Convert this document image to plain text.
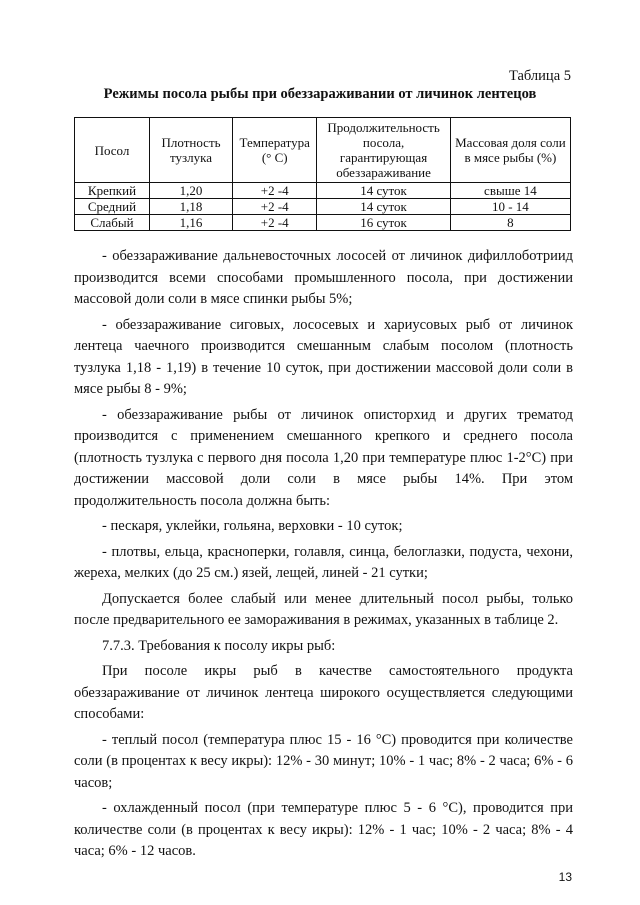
Таблица 5
Режимы посола рыбы при обеззараживании от личинок лентецов
Посол	Плотность тузлука	Температура (° С)	Продолжительность посола, гарантирующая обеззараживание	Массовая доля соли в мясе рыбы (%)
Крепкий	1,20	+2 -4	14 суток	свыше 14
Средний	1,18	+2 -4	14 суток	10 - 14
Слабый	1,16	+2 -4	16 суток	8

- обеззараживание дальневосточных лососей от личинок дифиллоботриид производится всеми способами промышленного посола, при достижении массовой доли соли в мясе спинки рыбы 5%;

- обеззараживание сиговых, лососевых и хариусовых рыб от личинок лентеца чаечного производится смешанным слабым посолом (плотность тузлука 1,18 - 1,19) в течение 10 суток, при достижении массовой доли соли в мясе рыбы 8 - 9%;

- обеззараживание рыбы от личинок описторхид и других трематод производится с применением смешанного крепкого и среднего посола (плотность тузлука с первого дня посола 1,20 при температуре плюс 1-2°С) при достижении массовой доли соли в мясе рыбы 14%. При этом продолжительность посола должна быть:

- пескаря, уклейки, гольяна, верховки - 10 суток;

- плотвы, ельца, красноперки, голавля, синца, белоглазки, подуста, чехони, жереха, мелких (до 25 см.) язей, лещей, линей - 21 сутки;

Допускается более слабый или менее длительный посол рыбы, только после предварительного ее замораживания в режимах, указанных в таблице 2.

7.7.3. Требования к посолу икры рыб:

При посоле икры рыб в качестве самостоятельного продукта обеззараживание от личинок лентеца широкого осуществляется следующими способами:

- теплый посол (температура плюс 15 - 16 °С) проводится при количестве соли (в процентах к весу икры): 12% - 30 минут; 10% - 1 час; 8% - 2 часа; 6% - 6 часов;

- охлажденный посол (при температуре плюс 5 - 6 °С), проводится при количестве соли (в процентах к весу икры): 12% - 1 час; 10% - 2 часа; 8% - 4 часа; 6% - 12 часов.

13
